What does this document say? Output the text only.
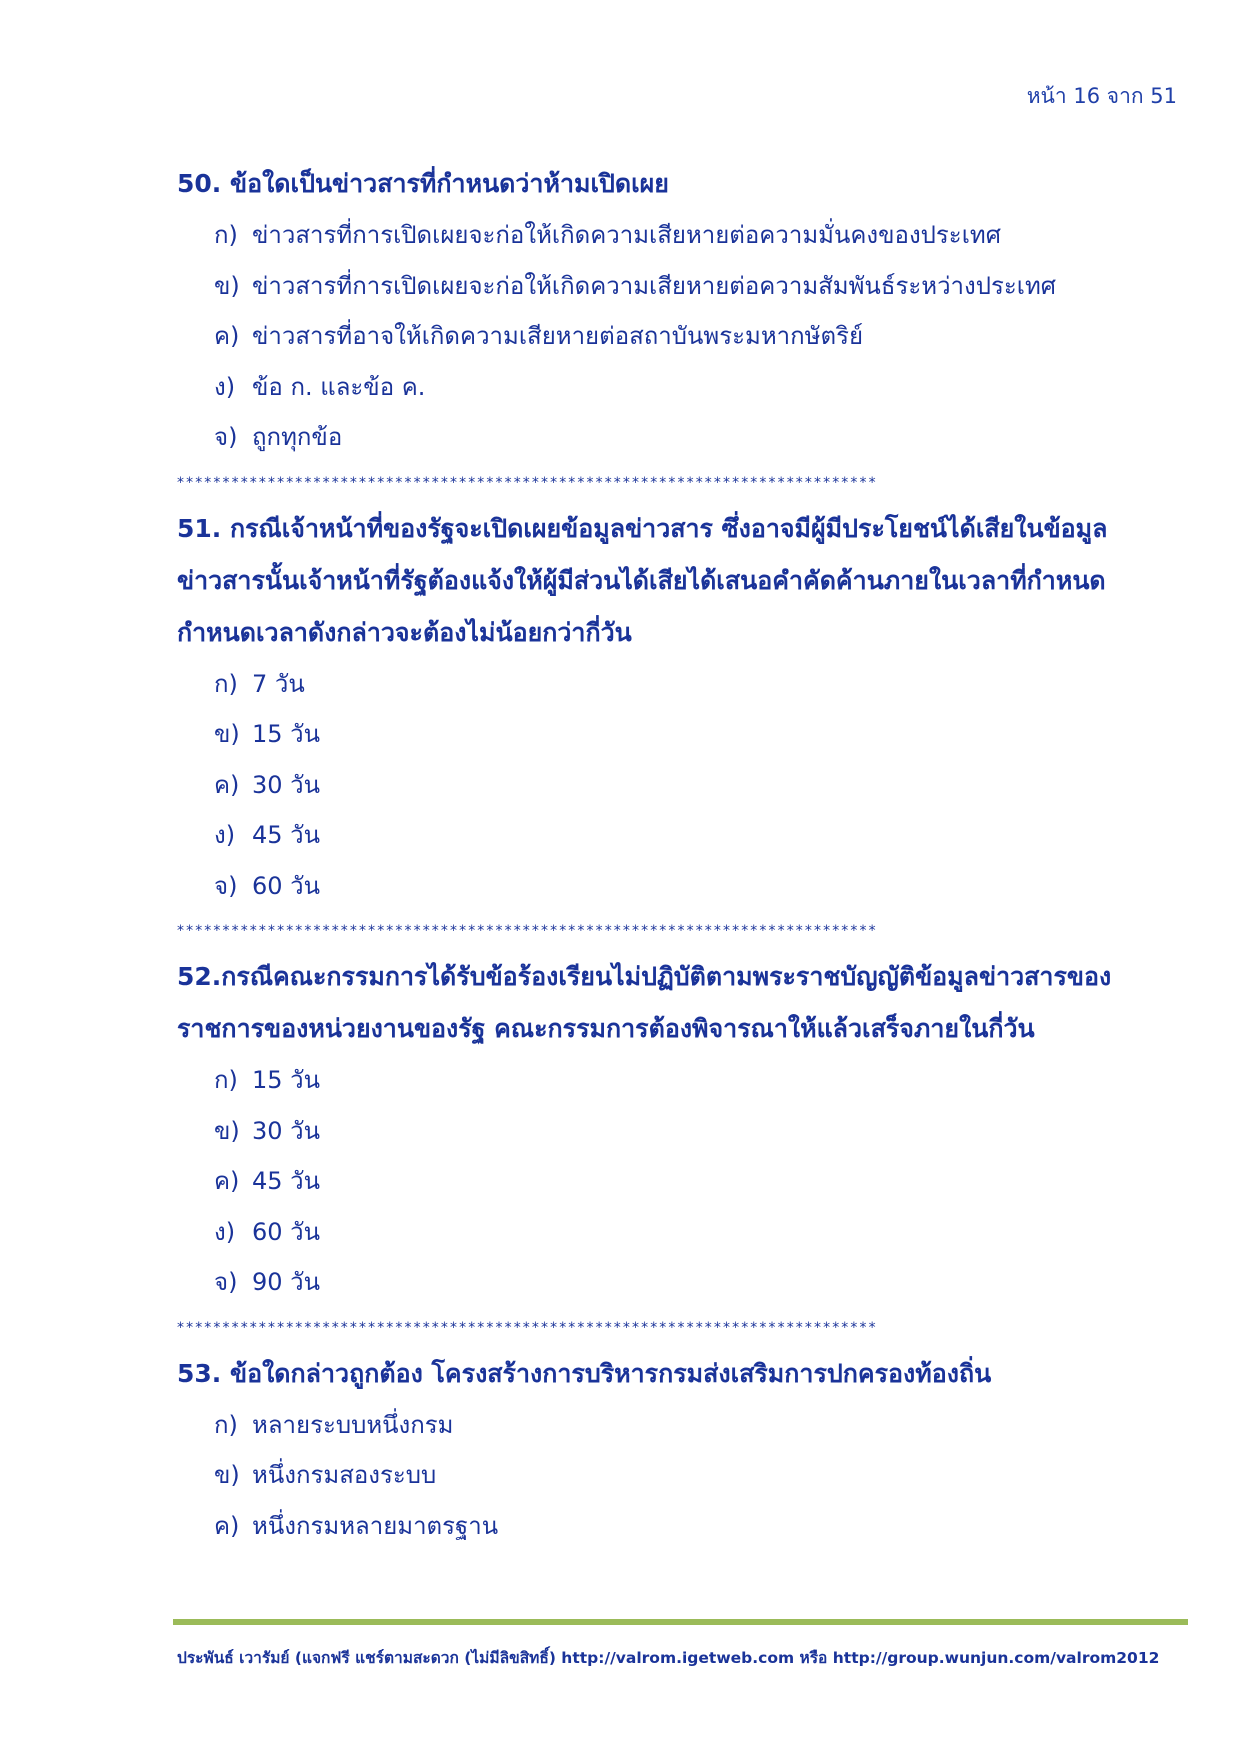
หน้า 16 จาก 51

50. ข้อใดเป็นข่าวสารที่กำหนดว่าห้ามเปิดเผย

ก) ข่าวสารที่การเปิดเผยจะก่อให้เกิดความเสียหายต่อความมั่นคงของประเทศ
ข) ข่าวสารที่การเปิดเผยจะก่อให้เกิดความเสียหายต่อความสัมพันธ์ระหว่างประเทศ
ค) ข่าวสารที่อาจให้เกิดความเสียหายต่อสถาบันพระมหากษัตริย์
ง) ข้อ ก. และข้อ ค.
จ) ถูกทุกข้อ
*****************************************************************************

51. กรณีเจ้าหน้าที่ของรัฐจะเปิดเผยข้อมูลข่าวสาร ซึ่งอาจมีผู้มีประโยชน์ได้เสียในข้อมูล
ข่าวสารนั้นเจ้าหน้าที่รัฐต้องแจ้งให้ผู้มีส่วนได้เสียได้เสนอคำคัดค้านภายในเวลาที่กำหนด
กำหนดเวลาดังกล่าวจะต้องไม่น้อยกว่ากี่วัน

ก) 7 วัน
ข) 15 วัน
ค) 30 วัน
ง) 45 วัน
จ) 60 วัน
*****************************************************************************

52.กรณีคณะกรรมการได้รับข้อร้องเรียนไม่ปฏิบัติตามพระราชบัญญัติข้อมูลข่าวสารของ
ราชการของหน่วยงานของรัฐ คณะกรรมการต้องพิจารณาให้แล้วเสร็จภายในกี่วัน

ก) 15 วัน
ข) 30 วัน
ค) 45 วัน
ง) 60 วัน
จ) 90 วัน
*****************************************************************************

53. ข้อใดกล่าวถูกต้อง โครงสร้างการบริหารกรมส่งเสริมการปกครองท้องถิ่น

ก) หลายระบบหนึ่งกรม
ข) หนึ่งกรมสองระบบ
ค) หนึ่งกรมหลายมาตรฐาน
ประพันธ์ เวารัมย์ (แจกฟรี แชร์ตามสะดวก (ไม่มีลิขสิทธิ์) http://valrom.igetweb.com หรือ http://group.wunjun.com/valrom2012
